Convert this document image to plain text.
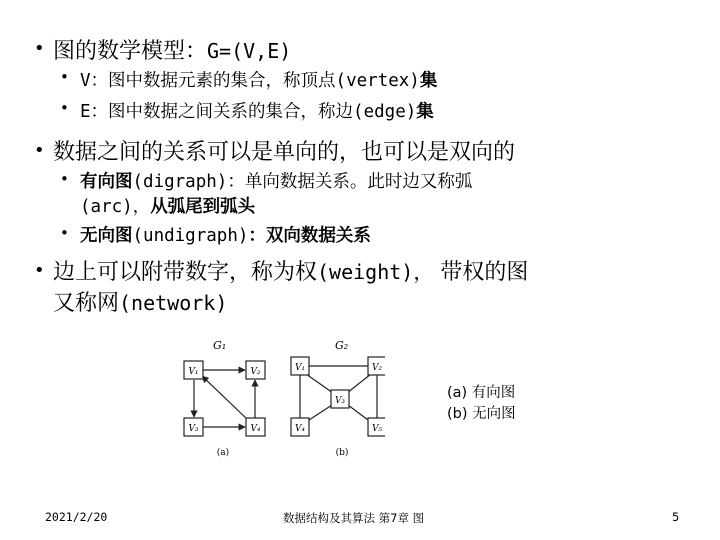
• 图的数学模型：G=(V,E)
• V：图中数据元素的集合，称顶点(vertex)集
• E：图中数据之间关系的集合，称边(edge)集
• 数据之间的关系可以是单向的，也可以是双向的
• 有向图(digraph)：单向数据关系。此时边又称弧
(arc)，从弧尾到弧头
• 无向图(undigraph)：双向数据关系
• 边上可以附带数字，称为权(weight)， 带权的图
又称网(network)
G₁
V₁	V₂
V₃	V₄
(a)
G₂
V₁	V₂
V₃
V₄	V₅
(b)
(a) 有向图
(b) 无向图
2021/2/20	数据结构及其算法 第7章 图	5
